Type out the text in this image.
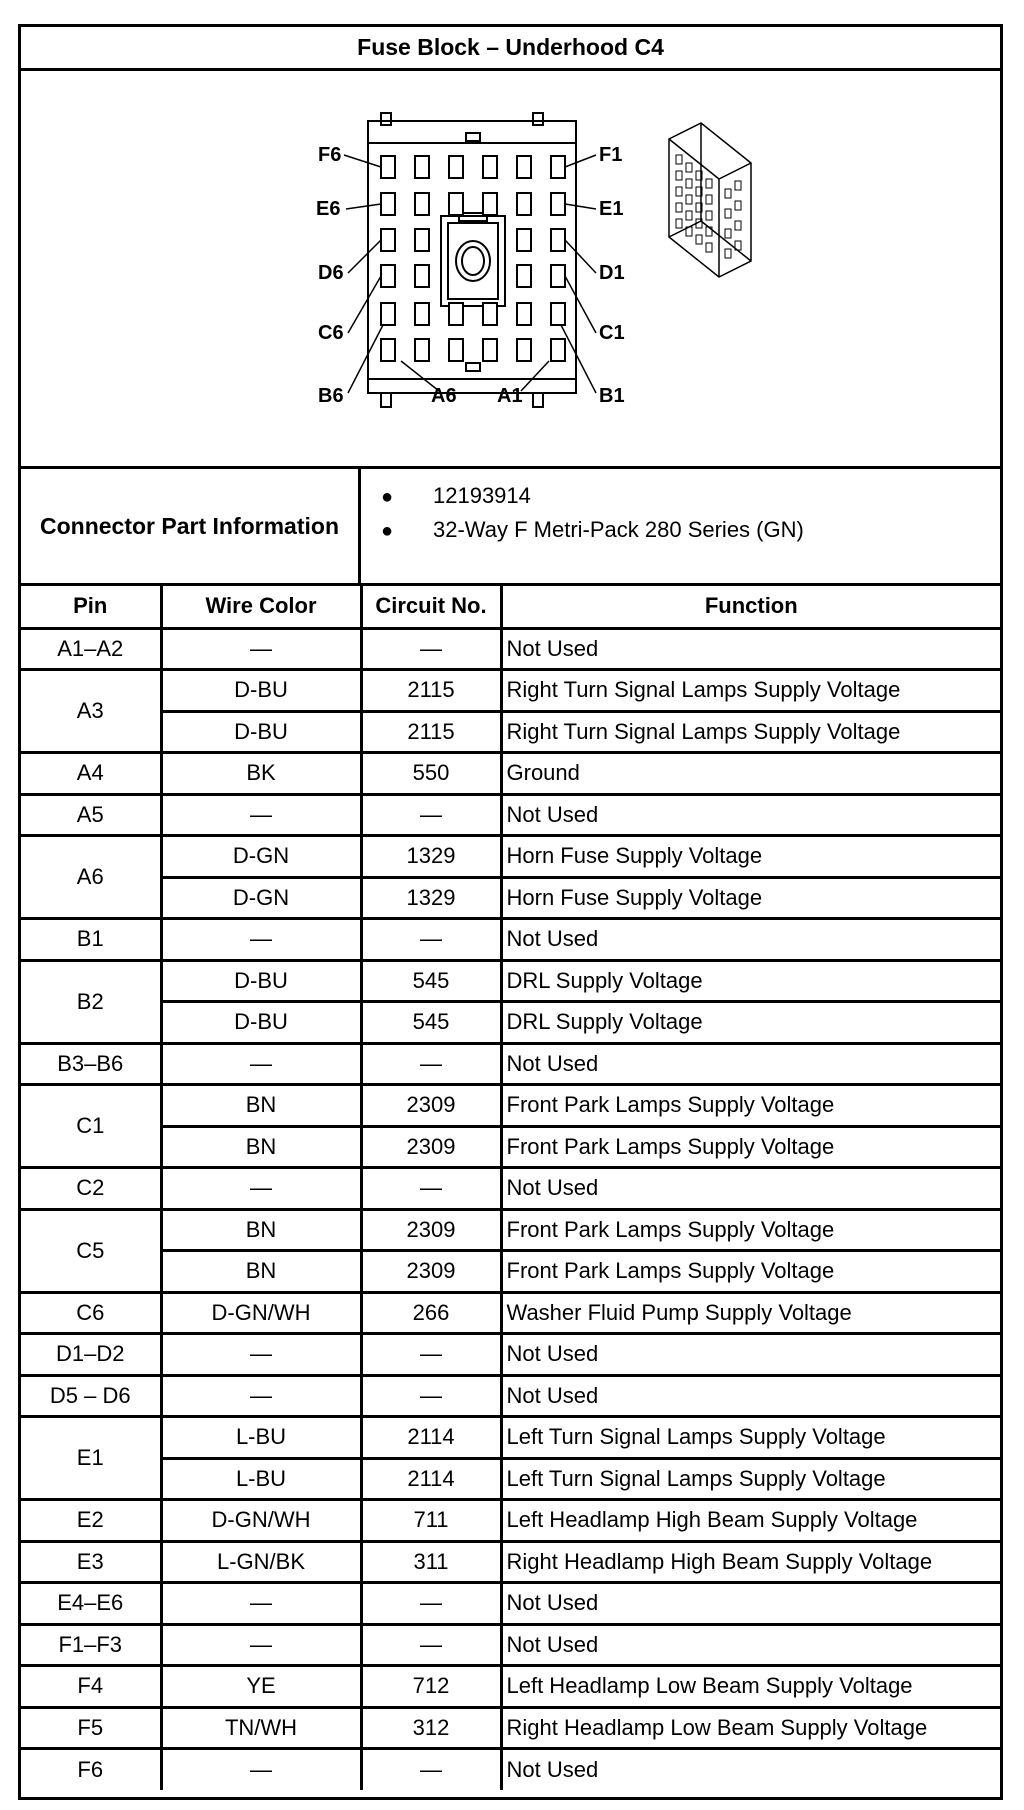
Fuse Block – Underhood C4
F6
E6
D6
C6
B6
F1
E1
D1
C1
B1
A6 A1
Connector Part Information
● 12193914
● 32-Way F Metri-Pack 280 Series (GN)
Pin	Wire Color	Circuit No.	Function
A1–A2	—	—	Not Used
A3	D-BU	2115	Right Turn Signal Lamps Supply Voltage
	D-BU	2115	Right Turn Signal Lamps Supply Voltage
A4	BK	550	Ground
A5	—	—	Not Used
A6	D-GN	1329	Horn Fuse Supply Voltage
	D-GN	1329	Horn Fuse Supply Voltage
B1	—	—	Not Used
B2	D-BU	545	DRL Supply Voltage
	D-BU	545	DRL Supply Voltage
B3–B6	—	—	Not Used
C1	BN	2309	Front Park Lamps Supply Voltage
	BN	2309	Front Park Lamps Supply Voltage
C2	—	—	Not Used
C5	BN	2309	Front Park Lamps Supply Voltage
	BN	2309	Front Park Lamps Supply Voltage
C6	D-GN/WH	266	Washer Fluid Pump Supply Voltage
D1–D2	—	—	Not Used
D5 – D6	—	—	Not Used
E1	L-BU	2114	Left Turn Signal Lamps Supply Voltage
	L-BU	2114	Left Turn Signal Lamps Supply Voltage
E2	D-GN/WH	711	Left Headlamp High Beam Supply Voltage
E3	L-GN/BK	311	Right Headlamp High Beam Supply Voltage
E4–E6	—	—	Not Used
F1–F3	—	—	Not Used
F4	YE	712	Left Headlamp Low Beam Supply Voltage
F5	TN/WH	312	Right Headlamp Low Beam Supply Voltage
F6	—	—	Not Used
